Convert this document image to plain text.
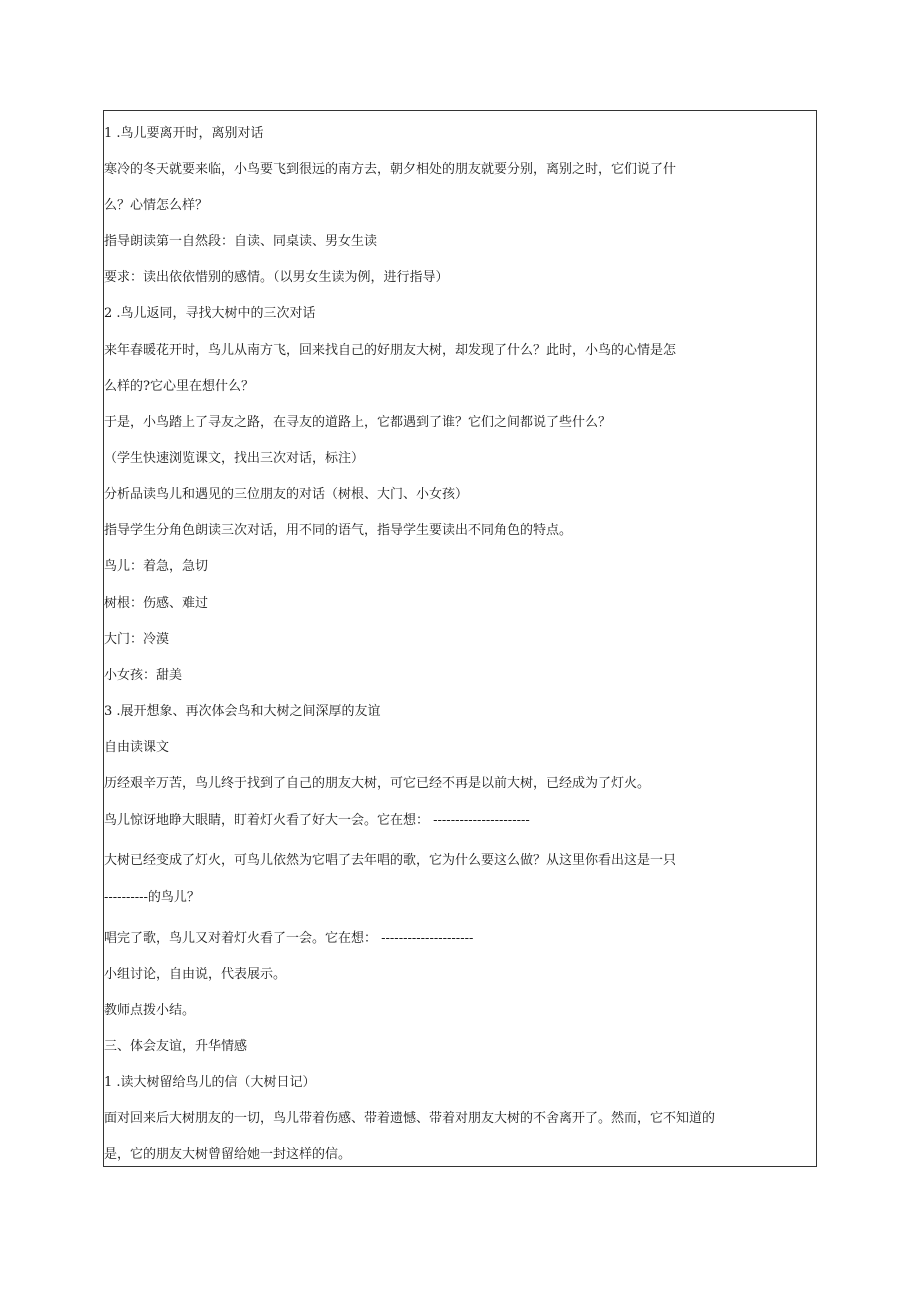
1 .鸟儿要离开时，离别对话
寒冷的冬天就要来临，小鸟要飞到很远的南方去，朝夕相处的朋友就要分别，离别之时，它们说了什
么？心情怎么样？
指导朗读第一自然段：自读、同桌读、男女生读
要求：读出依依惜别的感情。（以男女生读为例，进行指导）
2 .鸟儿返同，寻找大树中的三次对话
来年春暖花开时，鸟儿从南方飞，回来找自己的好朋友大树，却发现了什么？此时，小鸟的心情是怎
么样的?它心里在想什么？
于是，小鸟踏上了寻友之路，在寻友的道路上，它都遇到了谁？它们之间都说了些什么？
（学生快速浏览课文，找出三次对话，标注）
分析品读鸟儿和遇见的三位朋友的对话（树根、大门、小女孩）
指导学生分角色朗读三次对话，用不同的语气，指导学生要读出不同角色的特点。
鸟儿：着急，急切
树根：伤感、难过
大门：冷漠
小女孩：甜美
3 .展开想象、再次体会鸟和大树之间深厚的友谊
自由读课文
历经艰辛万苦，鸟儿终于找到了自己的朋友大树，可它已经不再是以前大树，已经成为了灯火。
鸟儿惊讶地睁大眼睛，盯着灯火看了好大一会。它在想： ----------------------
大树已经变成了灯火，可鸟儿依然为它唱了去年唱的歌，它为什么要这么做？从这里你看出这是一只
----------的鸟儿？
唱完了歌，鸟儿又对着灯火看了一会。它在想： ---------------------
小组讨论，自由说，代表展示。
教师点拨小结。
三、体会友谊，升华情感
1 .读大树留给鸟儿的信（大树日记）
面对回来后大树朋友的一切，鸟儿带着伤感、带着遗憾、带着对朋友大树的不舍离开了。然而，它不知道的
是，它的朋友大树曾留给她一封这样的信。
